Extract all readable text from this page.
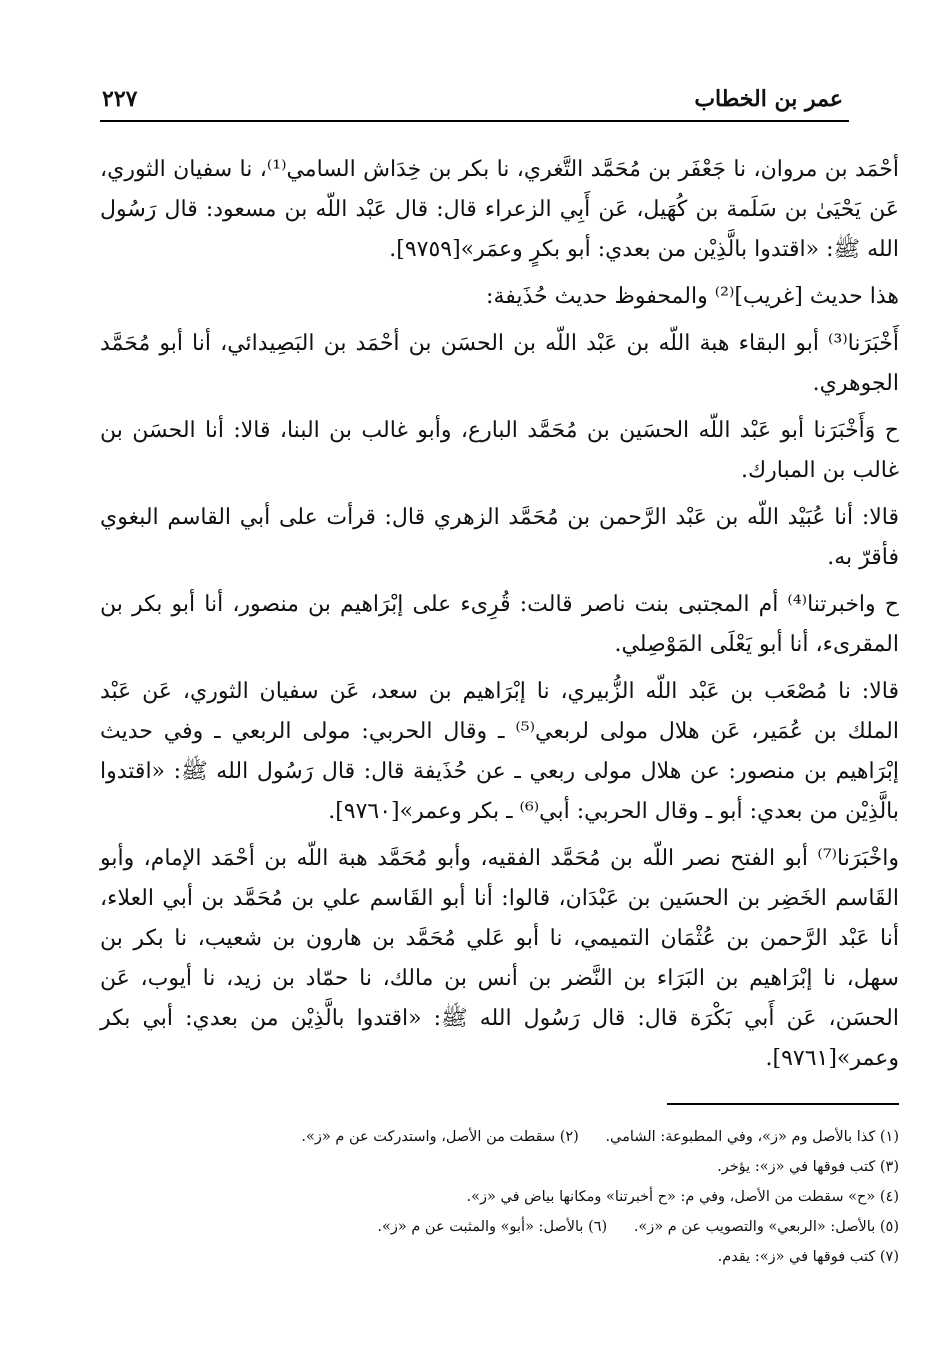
عمر بن الخطاب
٢٢٧

أحْمَد بن مروان، نا جَعْفَر بن مُحَمَّد التَّغري، نا بكر بن خِدَاش السامي⁽¹⁾، نا سفيان الثوري، عَن يَحْيَىٰ بن سَلَمة بن كُهَيل، عَن أَبِي الزعراء قال: قال عَبْد اللّه بن مسعود: قال رَسُول الله ﷺ: «اقتدوا بالَّذِيْن من بعدي: أبو بكرٍ وعمَر»[٩٧٥٩].

هذا حديث [غريب]⁽²⁾ والمحفوظ حديث حُذَيفة:

أَخْبَرَنا⁽³⁾ أبو البقاء هبة اللّه بن عَبْد اللّه بن الحسَن بن أحْمَد بن البَصِيدائي، أنا أبو مُحَمَّد الجوهري.

ح وَأَخْبَرَنا أبو عَبْد اللّه الحسَين بن مُحَمَّد البارع، وأبو غالب بن البنا، قالا: أنا الحسَن بن غالب بن المبارك.

قالا: أنا عُبَيْد اللّه بن عَبْد الرَّحمن بن مُحَمَّد الزهري قال: قرأت على أبي القاسم البغوي فأقرّ به.

ح واخبرتنا⁽⁴⁾ أم المجتبى بنت ناصر قالت: قُرِىء على إبْرَاهيم بن منصور، أنا أبو بكر بن المقرىء، أنا أبو يَعْلَى المَوْصِلي.

قالا: نا مُصْعَب بن عَبْد اللّه الزُّبيري، نا إبْرَاهيم بن سعد، عَن سفيان الثوري، عَن عَبْد الملك بن عُمَير، عَن هلال مولى لربعي⁽⁵⁾ ـ وقال الحربي: مولى الربعي ـ وفي حديث إبْرَاهيم بن منصور: عن هلال مولى ربعي ـ عن حُذَيفة قال: قال رَسُول الله ﷺ: «اقتدوا بالَّذِيْن من بعدي: أبو ـ وقال الحربي: أبي⁽⁶⁾ ـ بكر وعمر»[٩٧٦٠].

واخْبَرَنا⁽⁷⁾ أبو الفتح نصر اللّه بن مُحَمَّد الفقيه، وأبو مُحَمَّد هبة اللّه بن أحْمَد الإمام، وأبو القَاسم الخَضِر بن الحسَين بن عَبْدَان، قالوا: أنا أبو القَاسم علي بن مُحَمَّد بن أبي العلاء، أنا عَبْد الرَّحمن بن عُثْمَان التميمي، نا أبو عَلي مُحَمَّد بن هارون بن شعيب، نا بكر بن سهل، نا إبْرَاهيم بن البَرَاء بن النَّضر بن أنس بن مالك، نا حمّاد بن زيد، نا أيوب، عَن الحسَن، عَن أَبي بَكْرَة قال: قال رَسُول الله ﷺ: «اقتدوا بالَّذِيْن من بعدي: أبي بكر وعمر»[٩٧٦١].

(١) كذا بالأصل وم «ز»، وفي المطبوعة: الشامي. (٢) سقطت من الأصل، واستدركت عن م «ز».
(٣) كتب فوقها في «ز»: يؤخر.
(٤) «ح» سقطت من الأصل، وفي م: «ح أخبرتنا» ومكانها بياض في «ز».
(٥) بالأصل: «الربعي» والتصويب عن م «ز». (٦) بالأصل: «أبو» والمثبت عن م «ز».
(٧) كتب فوقها في «ز»: يقدم.
